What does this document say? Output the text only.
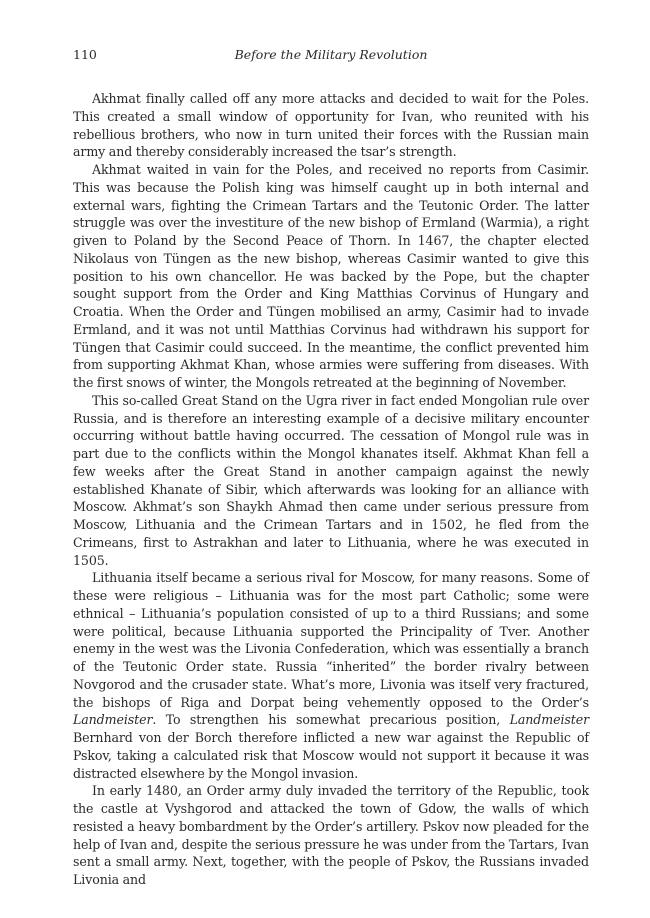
110	Before the Military Revolution

Akhmat finally called off any more attacks and decided to wait for the Poles. This created a small window of opportunity for Ivan, who reunited with his rebellious brothers, who now in turn united their forces with the Russian main army and thereby considerably increased the tsar’s strength.

Akhmat waited in vain for the Poles, and received no reports from Casimir. This was because the Polish king was himself caught up in both internal and external wars, fighting the Crimean Tartars and the Teutonic Order. The latter struggle was over the investiture of the new bishop of Ermland (Warmia), a right given to Poland by the Second Peace of Thorn. In 1467, the chapter elected Nikolaus von Tüngen as the new bishop, whereas Casimir wanted to give this position to his own chancellor. He was backed by the Pope, but the chapter sought support from the Order and King Matthias Corvinus of Hungary and Croatia. When the Order and Tüngen mobilised an army, Casimir had to invade Ermland, and it was not until Matthias Corvinus had withdrawn his support for Tüngen that Casimir could succeed. In the meantime, the conflict prevented him from supporting Akhmat Khan, whose armies were suffering from diseases. With the first snows of winter, the Mongols retreated at the beginning of November.

This so-called Great Stand on the Ugra river in fact ended Mongolian rule over Russia, and is therefore an interesting example of a decisive military encounter occurring without battle having occurred. The cessation of Mongol rule was in part due to the conflicts within the Mongol khanates itself. Akhmat Khan fell a few weeks after the Great Stand in another campaign against the newly established Khanate of Sibir, which afterwards was looking for an alliance with Moscow. Akhmat’s son Shaykh Ahmad then came under serious pressure from Moscow, Lithuania and the Crimean Tartars and in 1502, he fled from the Crimeans, first to Astrakhan and later to Lithuania, where he was executed in 1505.

Lithuania itself became a serious rival for Moscow, for many reasons. Some of these were religious – Lithuania was for the most part Catholic; some were ethnical – Lithuania’s population consisted of up to a third Russians; and some were political, because Lithuania supported the Principality of Tver. Another enemy in the west was the Livonia Confederation, which was essentially a branch of the Teutonic Order state. Russia “inherited” the border rivalry between Novgorod and the crusader state. What’s more, Livonia was itself very fractured, the bishops of Riga and Dorpat being vehemently opposed to the Order’s Landmeister. To strengthen his somewhat precarious position, Landmeister Bernhard von der Borch therefore inflicted a new war against the Republic of Pskov, taking a calculated risk that Moscow would not support it because it was distracted elsewhere by the Mongol invasion.

In early 1480, an Order army duly invaded the territory of the Republic, took the castle at Vyshgorod and attacked the town of Gdow, the walls of which resisted a heavy bombardment by the Order’s artillery. Pskov now pleaded for the help of Ivan and, despite the serious pressure he was under from the Tartars, Ivan sent a small army. Next, together, with the people of Pskov, the Russians invaded Livonia and
